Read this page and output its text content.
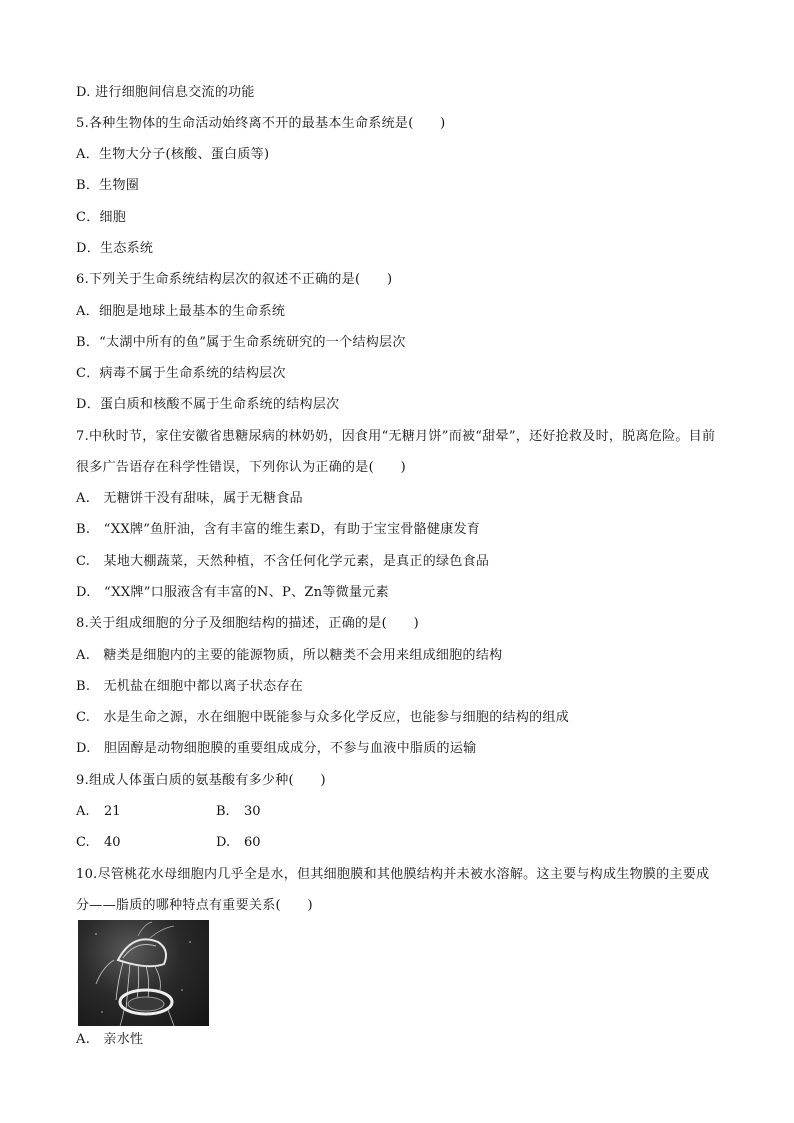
D. 进行细胞间信息交流的功能
5.各种生物体的生命活动始终离不开的最基本生命系统是(　　)
A．生物大分子(核酸、蛋白质等)
B．生物圈
C．细胞
D．生态系统
6.下列关于生命系统结构层次的叙述不正确的是(　　)
A．细胞是地球上最基本的生命系统
B．“太湖中所有的鱼”属于生命系统研究的一个结构层次
C．病毒不属于生命系统的结构层次
D．蛋白质和核酸不属于生命系统的结构层次
7.中秋时节，家住安徽省患糖尿病的林奶奶，因食用“无糖月饼”而被“甜晕”，还好抢救及时，脱离危险。目前很多广告语存在科学性错误，下列你认为正确的是(　　)
A.　无糖饼干没有甜味，属于无糖食品
B.　“XX牌”鱼肝油，含有丰富的维生素D，有助于宝宝骨骼健康发育
C.　某地大棚蔬菜，天然种植，不含任何化学元素，是真正的绿色食品
D.　“XX牌”口服液含有丰富的N、P、Zn等微量元素
8.关于组成细胞的分子及细胞结构的描述，正确的是(　　)
A.　糖类是细胞内的主要的能源物质，所以糖类不会用来组成细胞的结构
B.　无机盐在细胞中都以离子状态存在
C.　水是生命之源，水在细胞中既能参与众多化学反应，也能参与细胞的结构的组成
D.　胆固醇是动物细胞膜的重要组成成分，不参与血液中脂质的运输
9.组成人体蛋白质的氨基酸有多少种(　　)
A. 21	B. 30
C. 40	D. 60
10.尽管桃花水母细胞内几乎全是水，但其细胞膜和其他膜结构并未被水溶解。这主要与构成生物膜的主要成分——脂质的哪种特点有重要关系(　　)
A.　亲水性
